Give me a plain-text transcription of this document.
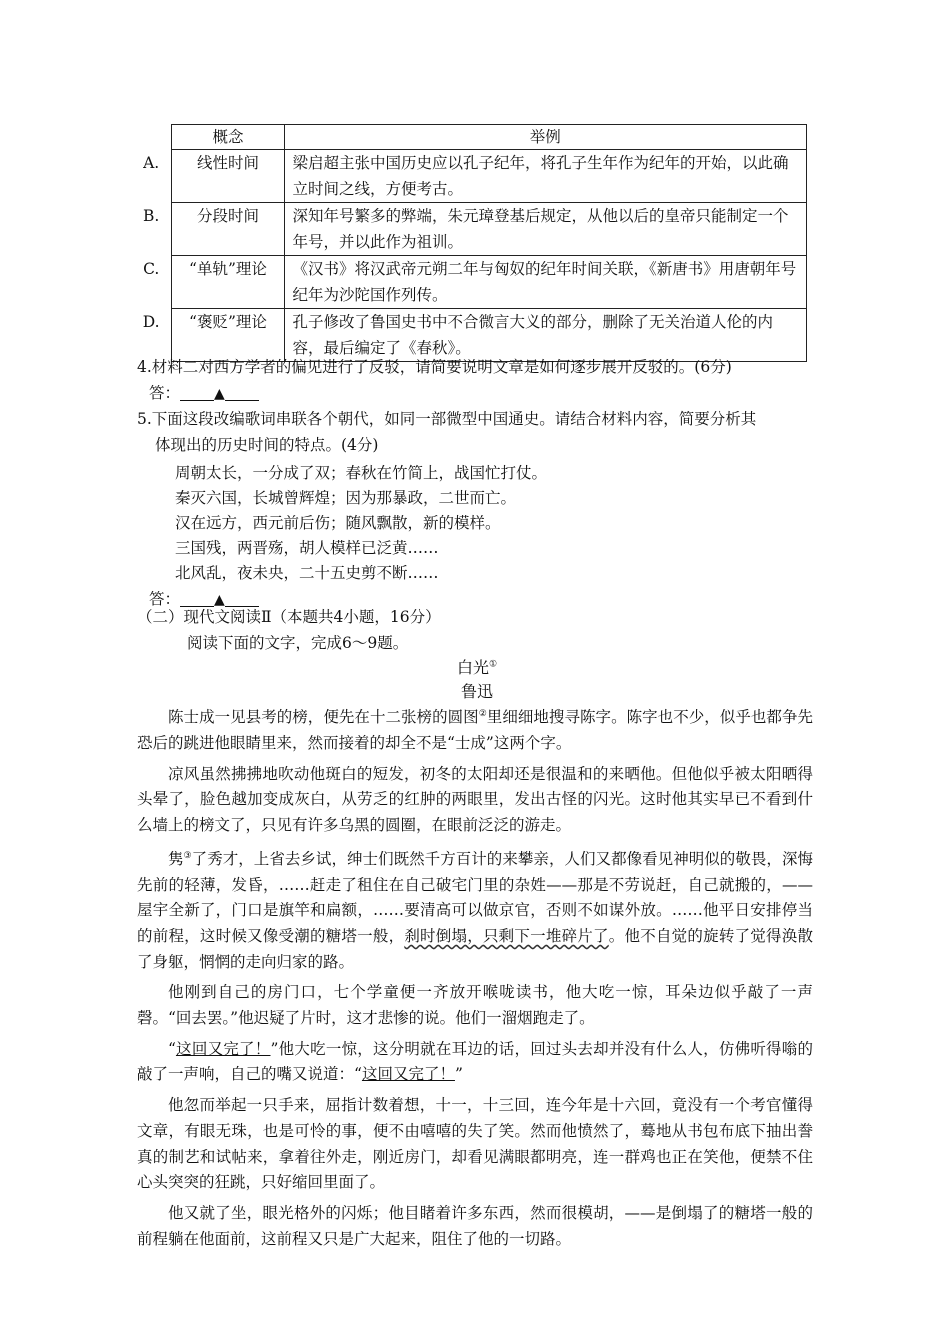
	概念	举例
A.	线性时间	梁启超主张中国历史应以孔子纪年，将孔子生年作为纪年的开始，以此确立时间之线，方便考古。
B.	分段时间	深知年号繁多的弊端，朱元璋登基后规定，从他以后的皇帝只能制定一个年号，并以此作为祖训。
C.	“单轨”理论	《汉书》将汉武帝元朔二年与匈奴的纪年时间关联，《新唐书》用唐朝年号纪年为沙陀国作列传。
D.	“褒贬”理论	孔子修改了鲁国史书中不合微言大义的部分，删除了无关治道人伦的内容，最后编定了《春秋》。
4.材料二对西方学者的偏见进行了反驳，请简要说明文章是如何逐步展开反驳的。(6分)
答： ▲
5.下面这段改编歌词串联各个朝代，如同一部微型中国通史。请结合材料内容，简要分析其
体现出的历史时间的特点。(4分)
周朝太长，一分成了双；春秋在竹简上，战国忙打仗。
秦灭六国，长城曾辉煌；因为那暴政，二世而亡。
汉在远方，西元前后伤；随风飘散，新的模样。
三国残，两晋殇，胡人模样已泛黄……
北风乱，夜未央，二十五史剪不断……
答： ▲
（二）现代文阅读Ⅱ（本题共4小题，16分）
阅读下面的文字，完成6～9题。
白光①
鲁迅

陈士成一见县考的榜，便先在十二张榜的圆图②里细细地搜寻陈字。陈字也不少，似乎也都争先恐后的跳进他眼睛里来，然而接着的却全不是“士成”这两个字。

凉风虽然拂拂地吹动他斑白的短发，初冬的太阳却还是很温和的来晒他。但他似乎被太阳晒得头晕了，脸色越加变成灰白，从劳乏的红肿的两眼里，发出古怪的闪光。这时他其实早已不看到什么墙上的榜文了，只见有许多乌黑的圆圈，在眼前泛泛的游走。

隽③了秀才，上省去乡试，绅士们既然千方百计的来攀亲，人们又都像看见神明似的敬畏，深悔先前的轻薄，发昏，……赶走了租住在自己破宅门里的杂姓——那是不劳说赶，自己就搬的，——屋宇全新了，门口是旗竿和扁额，……要清高可以做京官，否则不如谋外放。……他平日安排停当的前程，这时候又像受潮的糖塔一般，刹时倒塌，只剩下一堆碎片了。他不自觉的旋转了觉得涣散了身躯，惘惘的走向归家的路。

他刚到自己的房门口，七个学童便一齐放开喉咙读书，他大吃一惊，耳朵边似乎敲了一声磬。“回去罢。”他迟疑了片时，这才悲惨的说。他们一溜烟跑走了。

“这回又完了！”他大吃一惊，这分明就在耳边的话，回过头去却并没有什么人，仿佛听得嗡的敲了一声响，自己的嘴又说道：“这回又完了！”

他忽而举起一只手来，屈指计数着想，十一，十三回，连今年是十六回，竟没有一个考官懂得文章，有眼无珠，也是可怜的事，便不由嘻嘻的失了笑。然而他愤然了，蓦地从书包布底下抽出誊真的制艺和试帖来，拿着往外走，刚近房门，却看见满眼都明亮，连一群鸡也正在笑他，便禁不住心头突突的狂跳，只好缩回里面了。

他又就了坐，眼光格外的闪烁；他目睹着许多东西，然而很模胡，——是倒塌了的糖塔一般的前程躺在他面前，这前程又只是广大起来，阻住了他的一切路。
